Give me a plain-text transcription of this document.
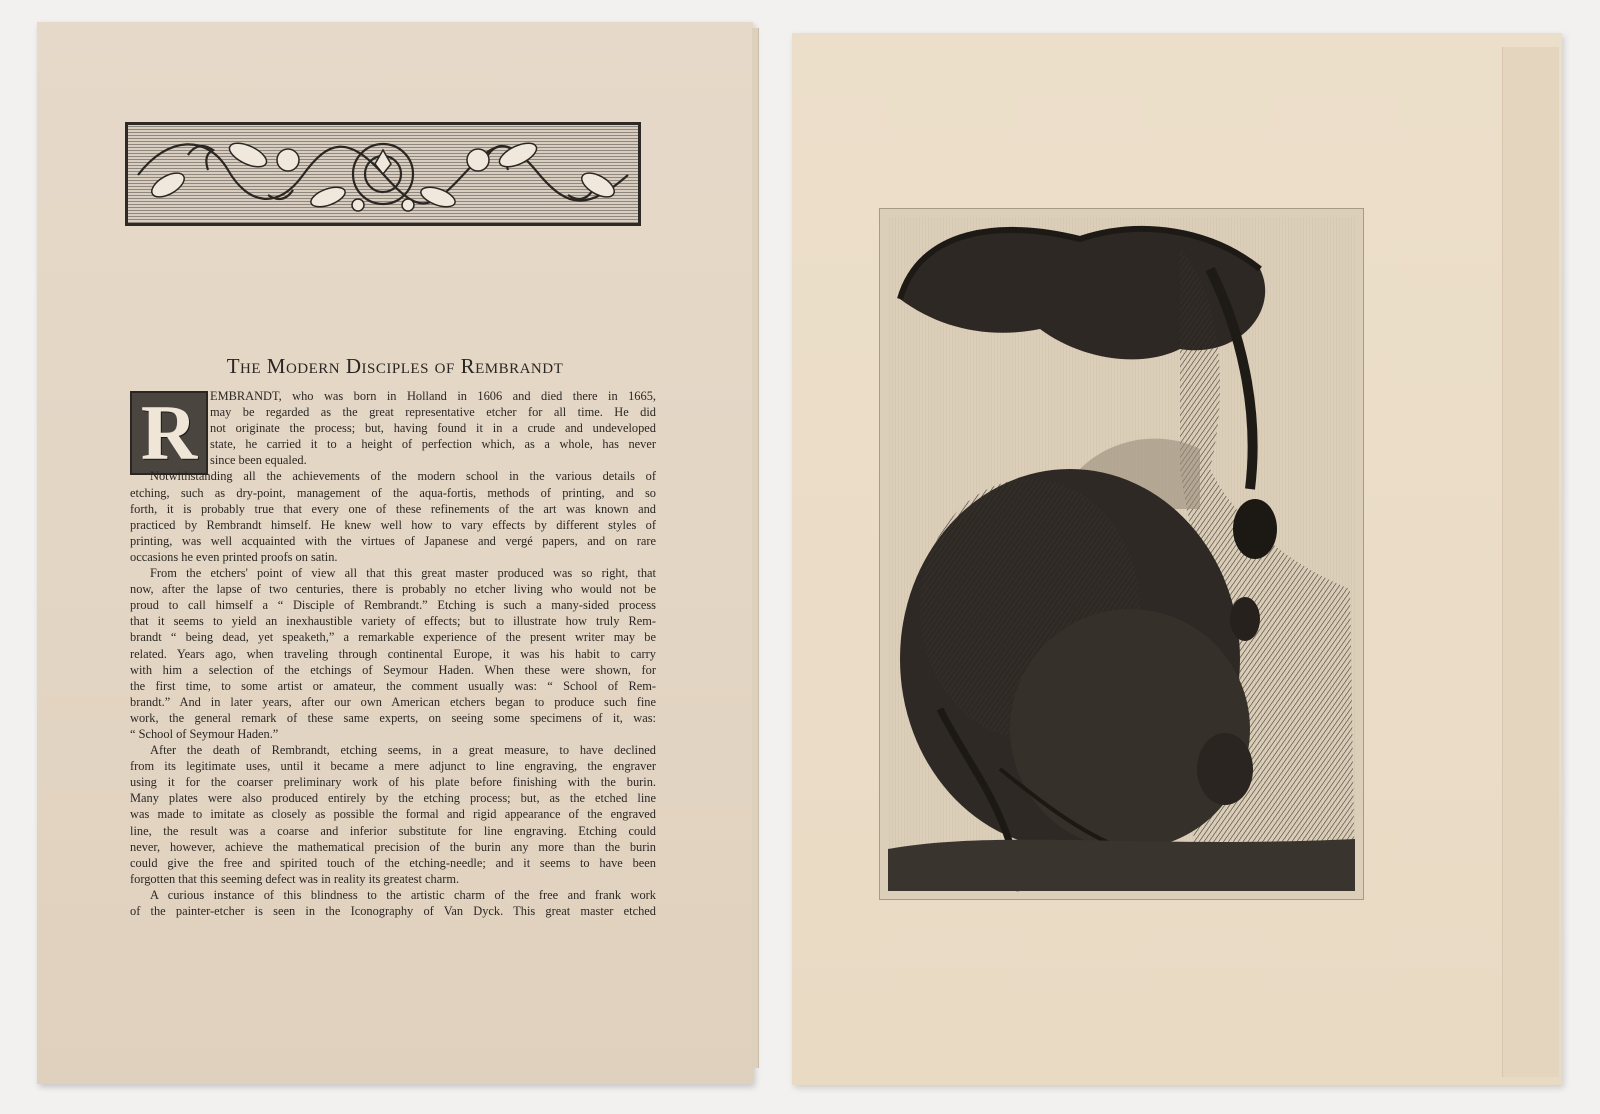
The Modern Disciples of Rembrandt
R	EMBRANDT, who was born in Holland in 1606 and died there in 1665,
may be regarded as the great representative etcher for all time. He did
not originate the process; but, having found it in a crude and undeveloped
state, he carried it to a height of perfection which, as a whole, has never
since been equaled.
Notwithstanding all the achievements of the modern school in the various details of
etching, such as dry-point, management of the aqua-fortis, methods of printing, and so
forth, it is probably true that every one of these refinements of the art was known and
practiced by Rembrandt himself. He knew well how to vary effects by different styles of
printing, was well acquainted with the virtues of Japanese and vergé papers, and on rare
occasions he even printed proofs on satin.
From the etchers' point of view all that this great master produced was so right, that
now, after the lapse of two centuries, there is probably no etcher living who would not be
proud to call himself a “ Disciple of Rembrandt.” Etching is such a many-sided process
that it seems to yield an inexhaustible variety of effects; but to illustrate how truly Rem-
brandt “ being dead, yet speaketh,” a remarkable experience of the present writer may be
related. Years ago, when traveling through continental Europe, it was his habit to carry
with him a selection of the etchings of Seymour Haden. When these were shown, for
the first time, to some artist or amateur, the comment usually was: “ School of Rem-
brandt.” And in later years, after our own American etchers began to produce such fine
work, the general remark of these same experts, on seeing some specimens of it, was:
“ School of Seymour Haden.”
After the death of Rembrandt, etching seems, in a great measure, to have declined
from its legitimate uses, until it became a mere adjunct to line engraving, the engraver
using it for the coarser preliminary work of his plate before finishing with the burin.
Many plates were also produced entirely by the etching process; but, as the etched line
was made to imitate as closely as possible the formal and rigid appearance of the engraved
line, the result was a coarse and inferior substitute for line engraving. Etching could
never, however, achieve the mathematical precision of the burin any more than the burin
could give the free and spirited touch of the etching-needle; and it seems to have been
forgotten that this seeming defect was in reality its greatest charm.
A curious instance of this blindness to the artistic charm of the free and frank work
of the painter-etcher is seen in the Iconography of Van Dyck. This great master etched
